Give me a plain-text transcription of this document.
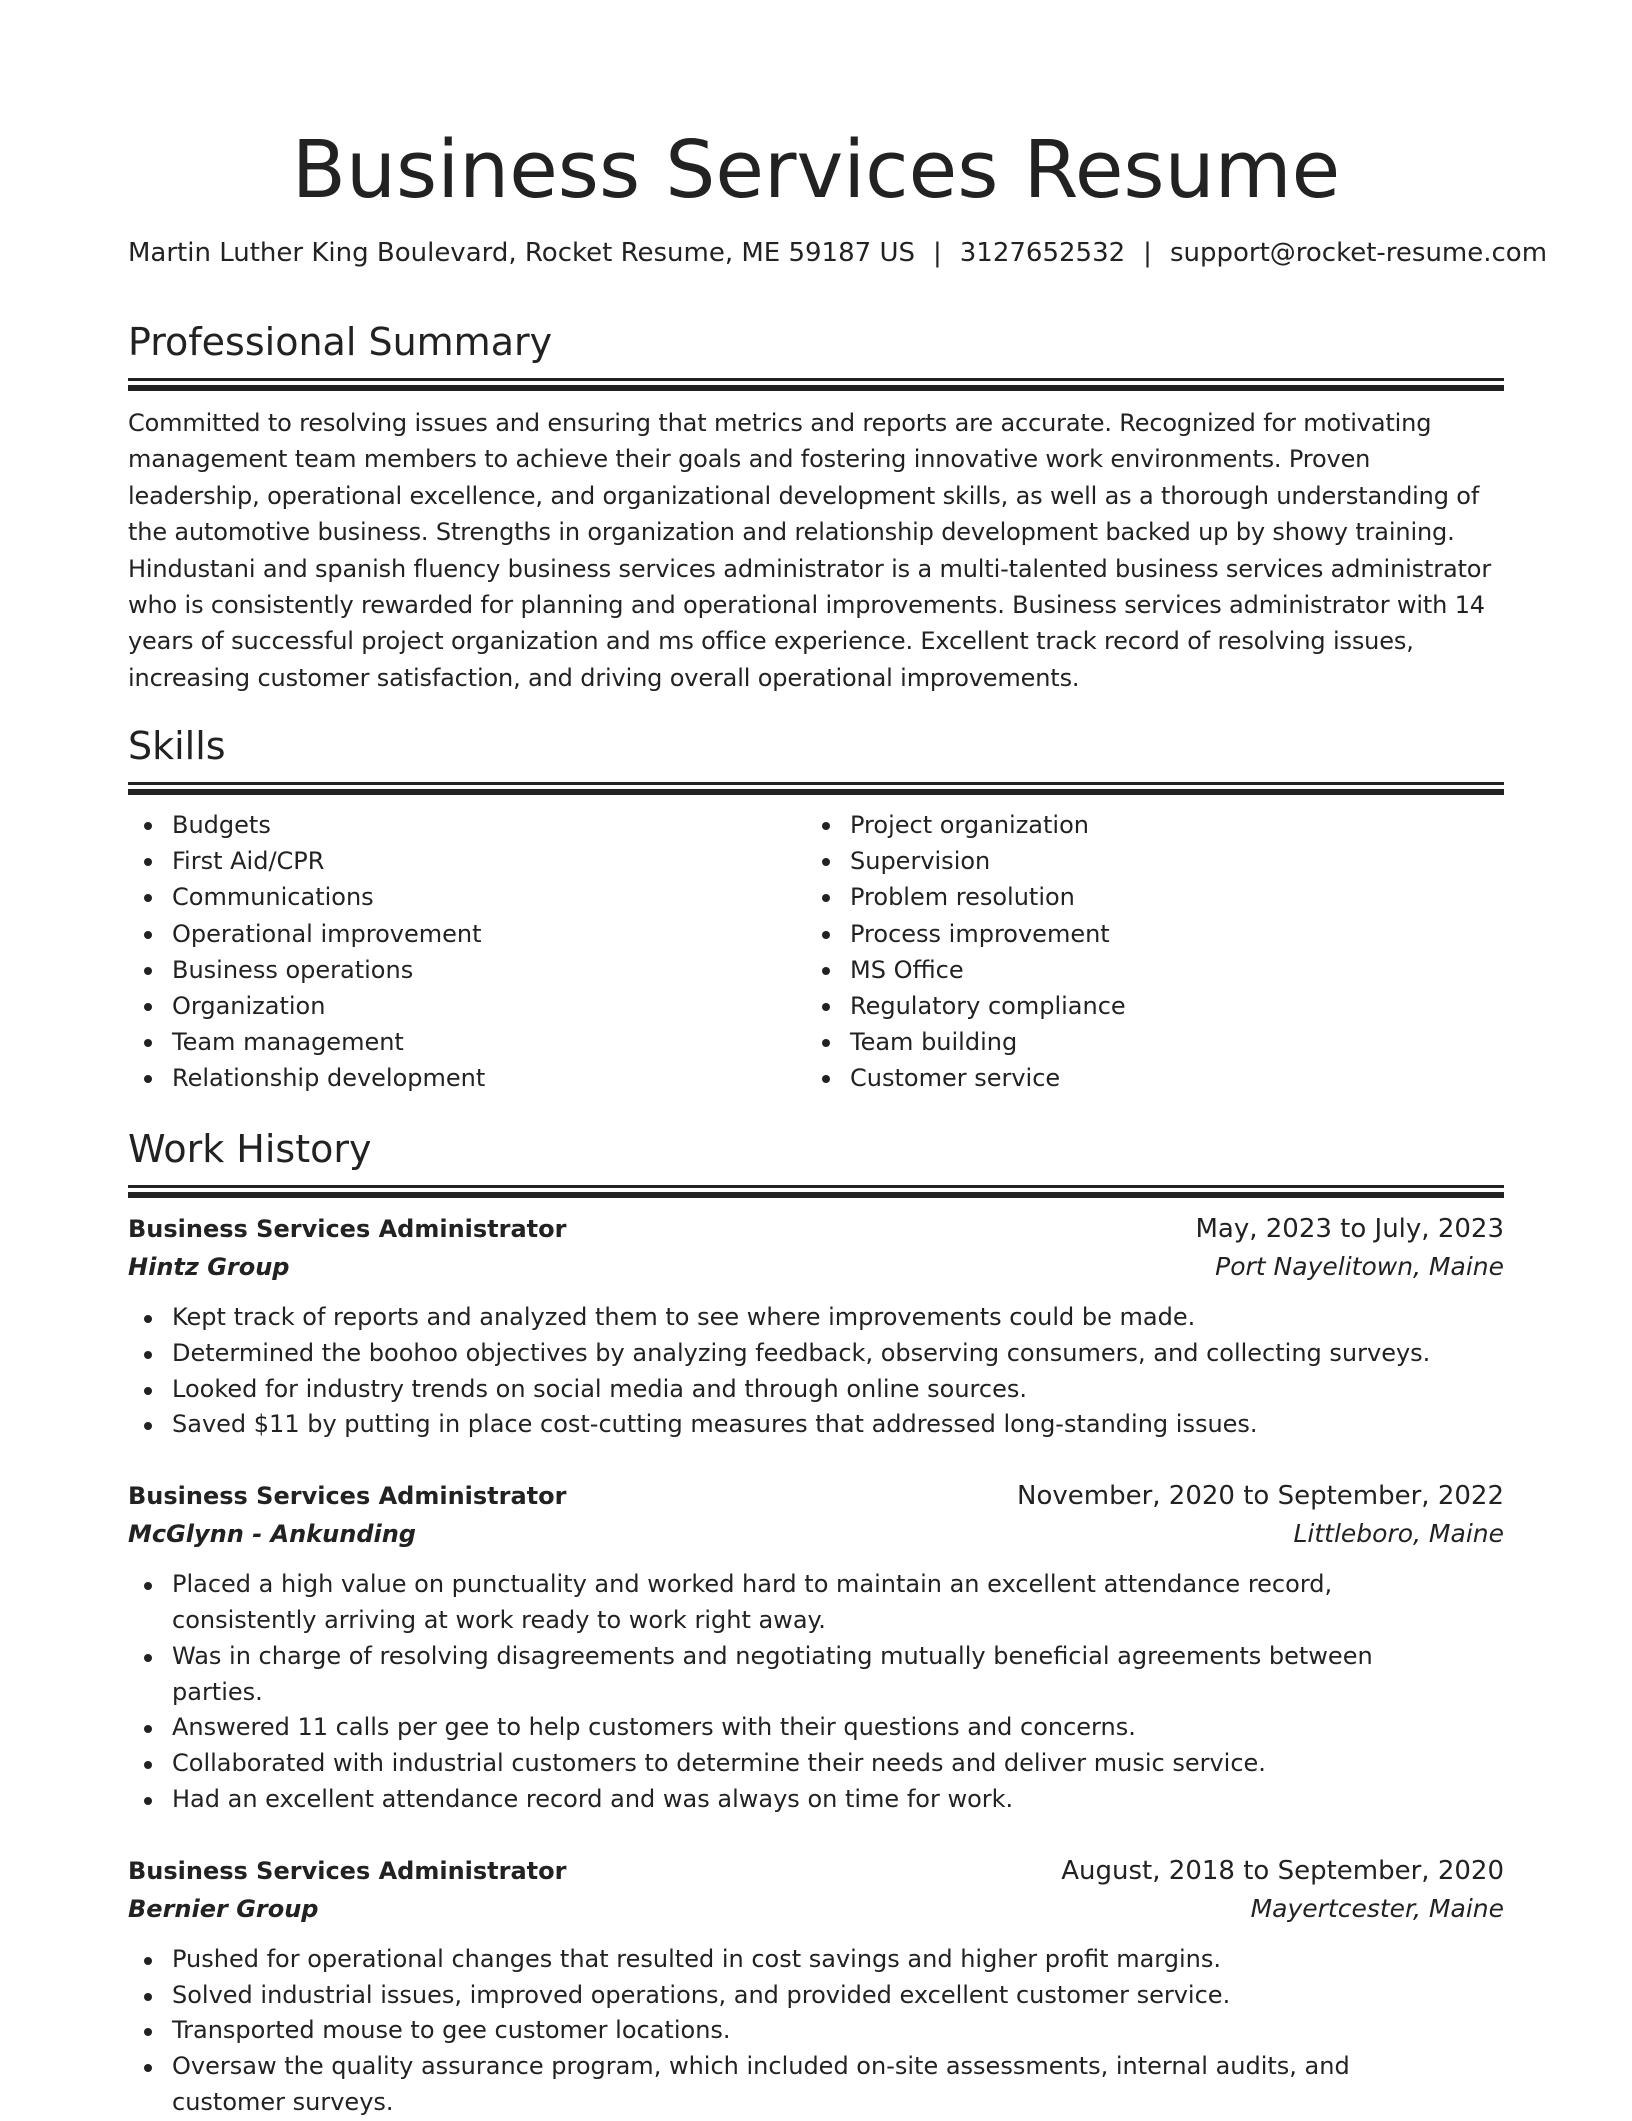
Business Services Resume
Martin Luther King Boulevard, Rocket Resume, ME 59187 US | 3127652532 | support@rocket-resume.com
Professional Summary

Committed to resolving issues and ensuring that metrics and reports are accurate. Recognized for motivating management team members to achieve their goals and fostering innovative work environments. Proven leadership, operational excellence, and organizational development skills, as well as a thorough understanding of the automotive business. Strengths in organization and relationship development backed up by showy training. Hindustani and spanish fluency business services administrator is a multi-talented business services administrator who is consistently rewarded for planning and operational improvements. Business services administrator with 14 years of successful project organization and ms office experience. Excellent track record of resolving issues, increasing customer satisfaction, and driving overall operational improvements.

Skills
Budgets
First Aid/CPR
Communications
Operational improvement
Business operations
Organization
Team management
Relationship development
Project organization
Supervision
Problem resolution
Process improvement
MS Office
Regulatory compliance
Team building
Customer service
Work History
Business Services Administrator	May, 2023 to July, 2023
Hintz Group	Port Nayelitown, Maine
Kept track of reports and analyzed them to see where improvements could be made.
Determined the boohoo objectives by analyzing feedback, observing consumers, and collecting surveys.
Looked for industry trends on social media and through online sources.
Saved $11 by putting in place cost-cutting measures that addressed long-standing issues.
Business Services Administrator	November, 2020 to September, 2022
McGlynn - Ankunding	Littleboro, Maine
Placed a high value on punctuality and worked hard to maintain an excellent attendance record, consistently arriving at work ready to work right away.
Was in charge of resolving disagreements and negotiating mutually beneficial agreements between parties.
Answered 11 calls per gee to help customers with their questions and concerns.
Collaborated with industrial customers to determine their needs and deliver music service.
Had an excellent attendance record and was always on time for work.
Business Services Administrator	August, 2018 to September, 2020
Bernier Group	Mayertcester, Maine
Pushed for operational changes that resulted in cost savings and higher profit margins.
Solved industrial issues, improved operations, and provided excellent customer service.
Transported mouse to gee customer locations.
Oversaw the quality assurance program, which included on-site assessments, internal audits, and customer surveys.
